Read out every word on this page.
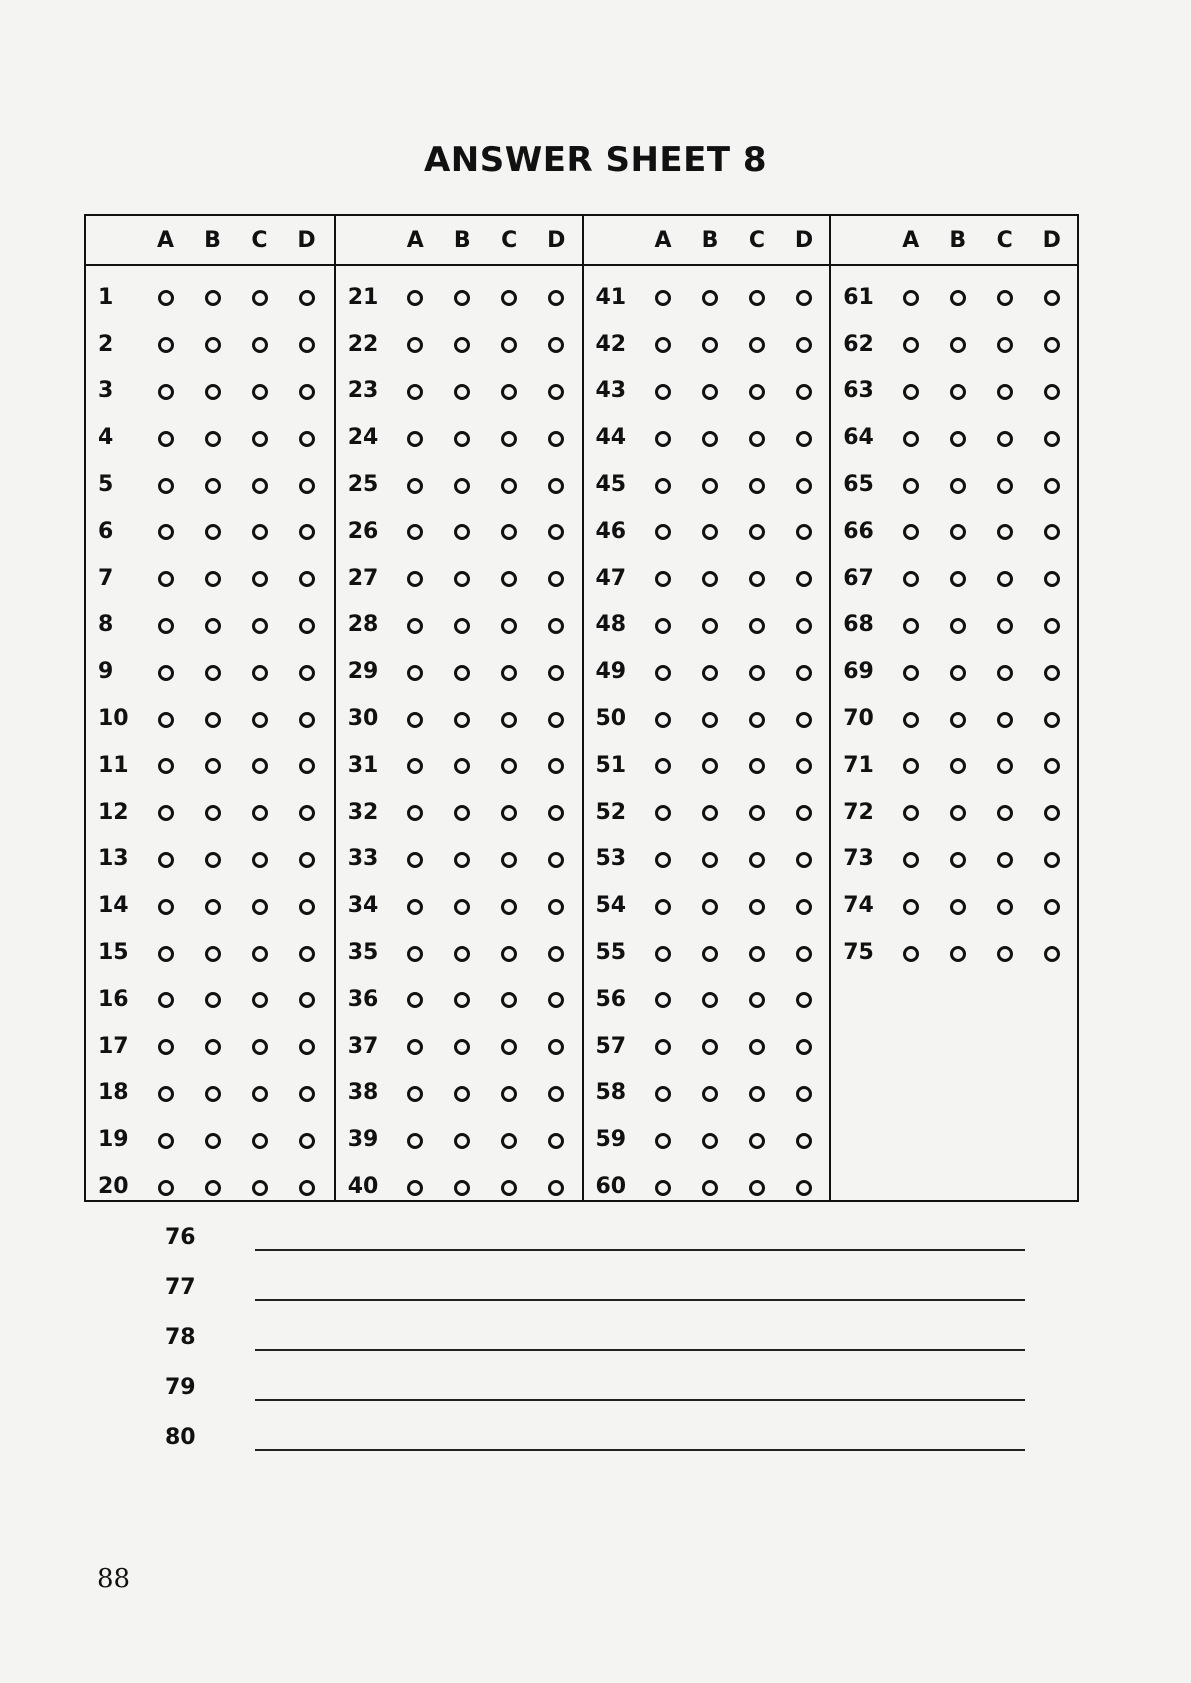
ANSWER SHEET 8
A	B	C	D
1
2
3
4
5
6
7
8
9
10
11
12
13
14
15
16
17
18
19
20
A	B	C	D
21
22
23
24
25
26
27
28
29
30
31
32
33
34
35
36
37
38
39
40
A	B	C	D
41
42
43
44
45
46
47
48
49
50
51
52
53
54
55
56
57
58
59
60
A	B	C	D
61
62
63
64
65
66
67
68
69
70
71
72
73
74
75
76
77
78
79
80
88
